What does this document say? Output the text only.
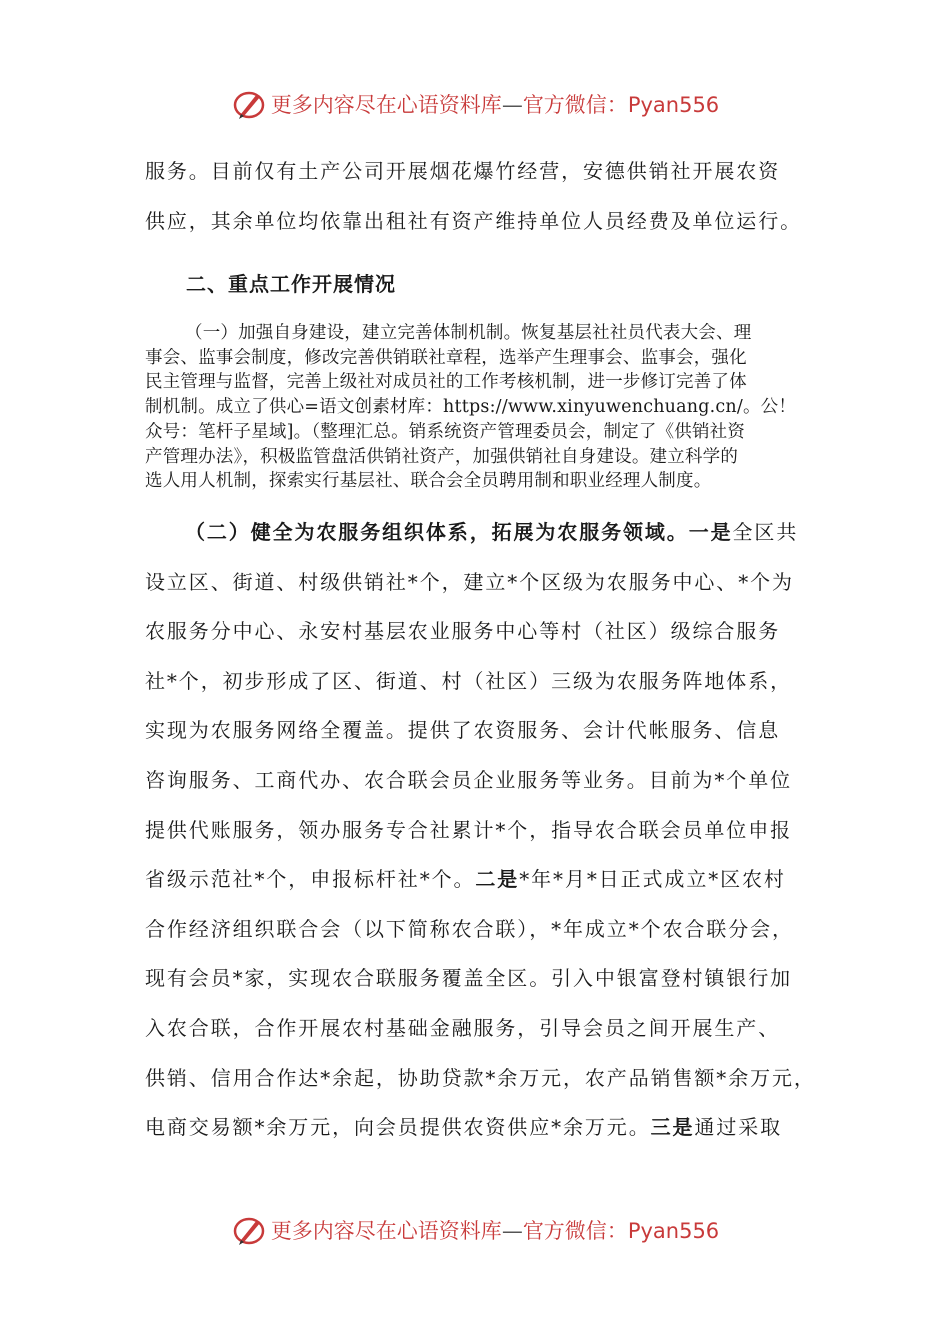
更多内容尽在心语资料库—官方微信：Pyan556

服务。目前仅有土产公司开展烟花爆竹经营，安德供销社开展农资

供应，其余单位均依靠出租社有资产维持单位人员经费及单位运行。

二、重点工作开展情况

（一）加强自身建设，建立完善体制机制。恢复基层社社员代表大会、理

事会、监事会制度，修改完善供销联社章程，选举产生理事会、监事会，强化

民主管理与监督，完善上级社对成员社的工作考核机制，进一步修订完善了体

制机制。成立了供心=语文创素材库：https://www.xinyuwenchuang.cn/。公！

众号：笔杆子星域]。（整理汇总。销系统资产管理委员会，制定了《供销社资

产管理办法》，积极监管盘活供销社资产，加强供销社自身建设。建立科学的

选人用人机制，探索实行基层社、联合会全员聘用制和职业经理人制度。

（二）健全为农服务组织体系，拓展为农服务领域。一是全区共

设立区、街道、村级供销社*个，建立*个区级为农服务中心、*个为

农服务分中心、永安村基层农业服务中心等村（社区）级综合服务

社*个，初步形成了区、街道、村（社区）三级为农服务阵地体系，

实现为农服务网络全覆盖。提供了农资服务、会计代帐服务、信息

咨询服务、工商代办、农合联会员企业服务等业务。目前为*个单位

提供代账服务，领办服务专合社累计*个，指导农合联会员单位申报

省级示范社*个，申报标杆社*个。二是*年*月*日正式成立*区农村

合作经济组织联合会（以下简称农合联），*年成立*个农合联分会，

现有会员*家，实现农合联服务覆盖全区。引入中银富登村镇银行加

入农合联，合作开展农村基础金融服务，引导会员之间开展生产、

供销、信用合作达*余起，协助贷款*余万元，农产品销售额*余万元，

电商交易额*余万元，向会员提供农资供应*余万元。三是通过采取

更多内容尽在心语资料库—官方微信：Pyan556
